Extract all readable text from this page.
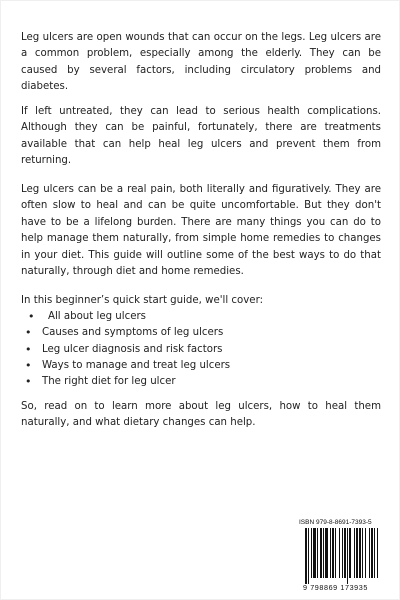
Leg ulcers are open wounds that can occur on the legs. Leg ulcers are a common problem, especially among the elderly. They can be caused by several factors, including circulatory problems and diabetes.

If left untreated, they can lead to serious health complications. Although they can be painful, fortunately, there are treatments available that can help heal leg ulcers and prevent them from returning.

Leg ulcers can be a real pain, both literally and figuratively. They are often slow to heal and can be quite uncomfortable. But they don't have to be a lifelong burden. There are many things you can do to help manage them naturally, from simple home remedies to changes in your diet. This guide will outline some of the best ways to do that naturally, through diet and home remedies.

In this beginner’s quick start guide, we'll cover:

• All about leg ulcers
• Causes and symptoms of leg ulcers
• Leg ulcer diagnosis and risk factors
• Ways to manage and treat leg ulcers
• The right diet for leg ulcer

So, read on to learn more about leg ulcers, how to heal them naturally, and what dietary changes can help.

ISBN 979-8-8691-7393-5
9 798869 173935
